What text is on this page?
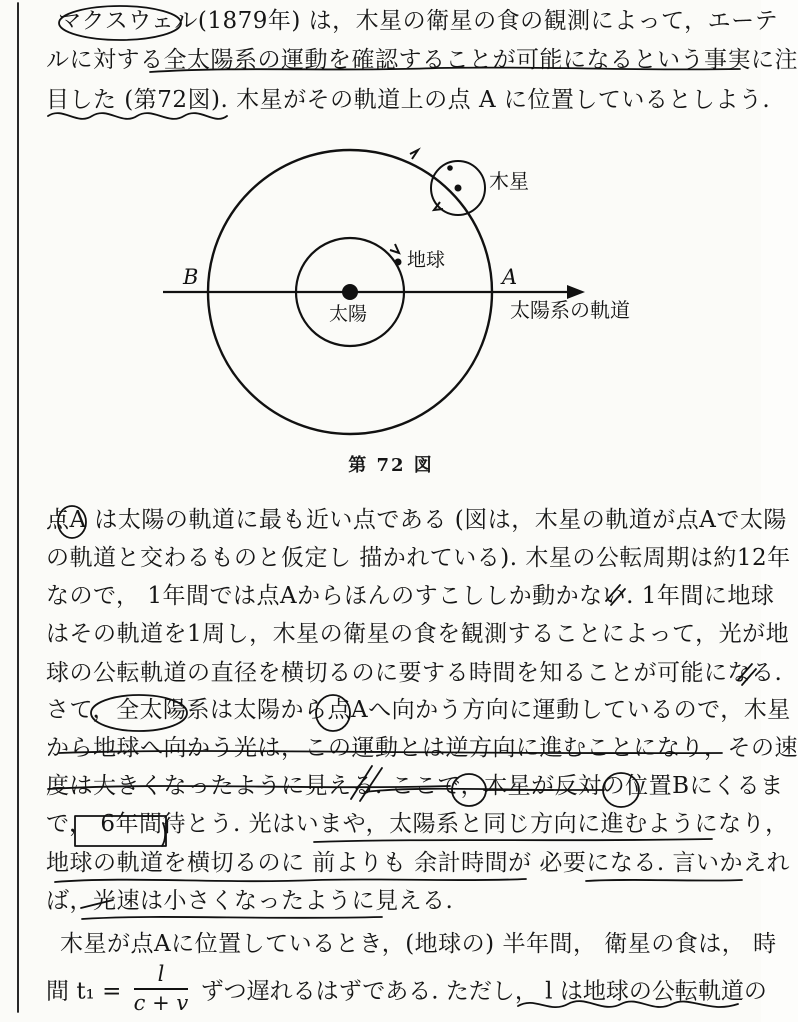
マクスウェル(1879年) は，木星の衛星の食の観測によって，エーテ
ルに対する全太陽系の運動を確認することが可能になるという事実に注
目した (第72図). 木星がその軌道上の点 A に位置しているとしよう.
木星
地球
太陽
B	A
太陽系の軌道
第 72 図
点A は太陽の軌道に最も近い点である (図は，木星の軌道が点Aで太陽
の軌道と交わるものと仮定し 描かれている). 木星の公転周期は約12年
なので， 1年間では点Aからほんのすこししか動かない. 1年間に地球
はその軌道を1周し，木星の衛星の食を観測することによって，光が地
球の公転軌道の直径を横切るのに要する時間を知ることが可能になる.
さて，全太陽系は太陽から点Aへ向かう方向に運動しているので，木星
から地球へ向かう光は，この運動とは逆方向に進むことになり，その速
度は大きくなったように見える. ここで，木星が反対の位置Bにくるま
で， 6年間待とう. 光はいまや，太陽系と同じ方向に進むようになり，
地球の軌道を横切るのに 前よりも 余計時間が 必要になる. 言いかえれ
ば，光速は小さくなったように見える.
木星が点Aに位置しているとき，(地球の) 半年間， 衛星の食は， 時
間 $t_1 = \frac{l}{c + v}$ ずつ遅れるはずである. ただし， l は地球の公転軌道の
